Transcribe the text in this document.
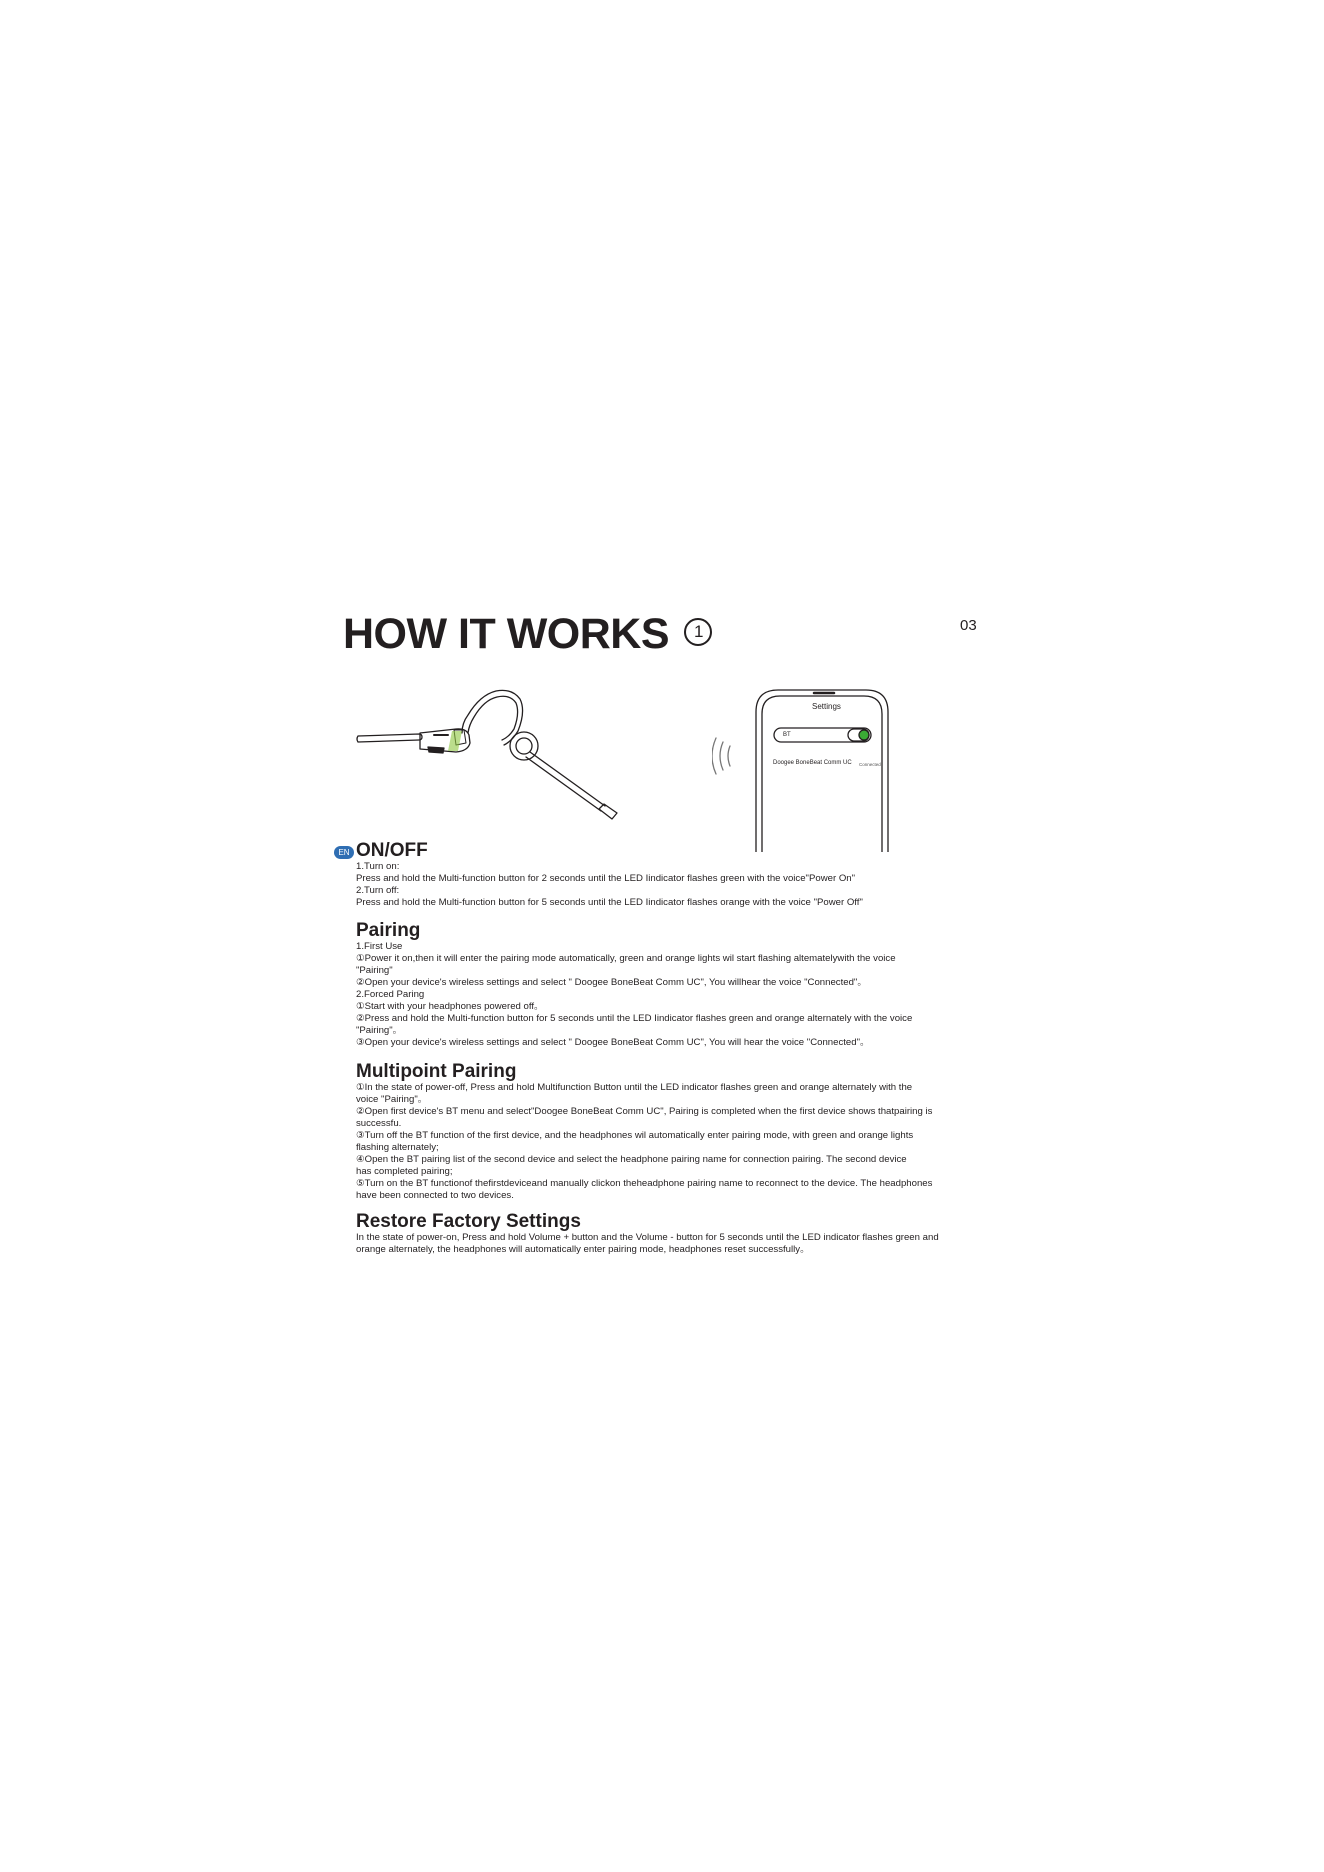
HOW IT WORKS 1	03
Settings
BT
Doogee BoneBeat Comm UC Connected
EN ON/OFF
1.Turn on:
Press and hold the Multi-function button for 2 seconds until the LED Iindicator flashes green with the voice"Power On"
2.Turn off:
Press and hold the Multi-function button for 5 seconds until the LED Iindicator flashes orange with the voice "Power Off"
Pairing
1.First Use
①Power it on,then it will enter the pairing mode automatically, green and orange lights wil start flashing altematelywith the voice
"Pairing"
②Open your device's wireless settings and select " Doogee BoneBeat Comm UC", You willhear the voice "Connected"。
2.Forced Paring
①Start with your headphones powered off。
②Press and hold the Multi-function button for 5 seconds until the LED Iindicator flashes green and orange alternately with the voice
"Pairing"。
③Open your device's wireless settings and select " Doogee BoneBeat Comm UC", You will hear the voice "Connected"。
Multipoint Pairing
①In the state of power-off, Press and hold Multifunction Button until the LED indicator flashes green and orange alternately with the
voice "Pairing"。
②Open first device's BT menu and select"Doogee BoneBeat Comm UC", Pairing is completed when the first device shows thatpairing is
successfu.
③Turn off the BT function of the first device, and the headphones wil automatically enter pairing mode, with green and orange lights
flashing alternately;
④Open the BT pairing list of the second device and select the headphone pairing name for connection pairing. The second device
has completed pairing;
⑤Turn on the BT functionof thefirstdeviceand manually clickon theheadphone pairing name to reconnect to the device. The headphones
have been connected to two devices.
Restore Factory Settings
In the state of power-on, Press and hold Volume + button and the Volume - button for 5 seconds until the LED indicator flashes green and
orange alternately, the headphones will automatically enter pairing mode, headphones reset successfully。
